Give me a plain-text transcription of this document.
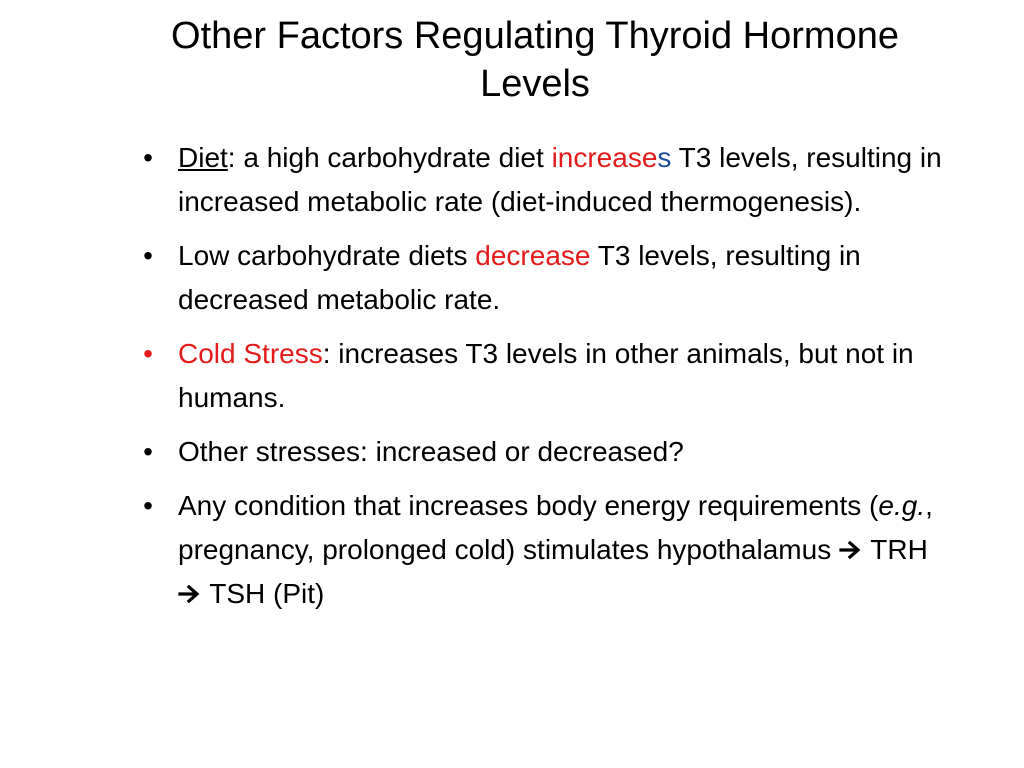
Other Factors Regulating Thyroid Hormone
Levels
• Diet: a high carbohydrate diet increases T3 levels, resulting in increased metabolic rate (diet-induced thermogenesis).
• Low carbohydrate diets decrease T3 levels, resulting in decreased metabolic rate.
• Cold Stress: increases T3 levels in other animals, but not in humans.
• Other stresses: increased or decreased?
• Any condition that increases body energy requirements (e.g., pregnancy, prolonged cold) stimulates hypothalamus  TRH  TSH (Pit)
